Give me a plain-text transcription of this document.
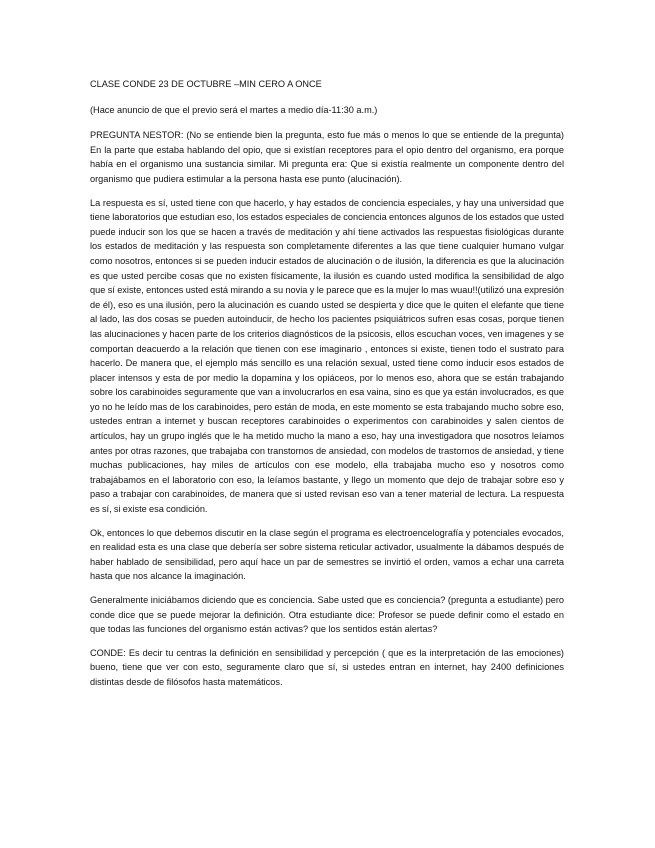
CLASE CONDE 23 DE OCTUBRE –MIN CERO A ONCE

(Hace anuncio de que el previo será el martes a medio día-11:30 a.m.)

PREGUNTA NESTOR: (No se entiende bien la pregunta, esto fue más o menos lo que se entiende de la pregunta) En la parte que estaba hablando del opio, que si existían receptores para el opio dentro del organismo, era porque había en el organismo una sustancia similar. Mi pregunta era: Que si existía realmente un componente dentro del organismo que pudiera estimular a la persona hasta ese punto (alucinación).

La respuesta es sí, usted tiene con que hacerlo, y hay estados de conciencia especiales, y hay una universidad que tiene laboratorios que estudian eso, los estados especiales de conciencia entonces algunos de los estados que usted puede inducir son los que se hacen a través de meditación y ahí tiene activados las respuestas fisiológicas durante los estados de meditación y las respuesta son completamente diferentes a las que tiene cualquier humano vulgar como nosotros, entonces si se pueden inducir estados de alucinación o de ilusión, la diferencia es que la alucinación es que usted percibe cosas que no existen físicamente, la ilusión es cuando usted modifica la sensibilidad de algo que sí existe, entonces usted está mirando a su novia y le parece que es la mujer lo mas wuau!!(utilizó una expresión de él), eso es una ilusión, pero la alucinación es cuando usted se despierta y dice que le quiten el elefante que tiene al lado, las dos cosas se pueden autoinducir, de hecho los pacientes psiquiátricos sufren esas cosas, porque tienen las alucinaciones y hacen parte de los criterios diagnósticos de la psicosis, ellos escuchan voces, ven imagenes y se comportan deacuerdo a la relación que tienen con ese imaginario , entonces si existe, tienen todo el sustrato para hacerlo. De manera que, el ejemplo más sencillo es una relación sexual, usted tiene como inducir esos estados de placer intensos y esta de por medio la dopamina y los opiáceos, por lo menos eso, ahora que se están trabajando sobre los carabinoides seguramente que van a involucrarlos en esa vaina, sino es que ya están involucrados, es que yo no he leído mas de los carabinoides, pero están de moda, en este momento se esta trabajando mucho sobre eso, ustedes entran a internet y buscan receptores carabinoides o experimentos con carabinoides y salen cientos de artículos, hay un grupo inglés que le ha metido mucho la mano a eso, hay una investigadora que nosotros leíamos antes por otras razones, que trabajaba con transtornos de ansiedad, con modelos de trastornos de ansiedad, y tiene muchas publicaciones, hay miles de artículos con ese modelo, ella trabajaba mucho eso y nosotros como trabajábamos en el laboratorio con eso, la leíamos bastante, y llego un momento que dejo de trabajar sobre eso y paso a trabajar con carabinoides, de manera que si usted revisan eso van a tener material de lectura. La respuesta es sí, si existe esa condición.

Ok, entonces lo que debemos discutir en la clase según el programa es electroencelografía y potenciales evocados, en realidad esta es una clase que debería ser sobre sistema reticular activador, usualmente la dábamos después de haber hablado de sensibilidad, pero aquí hace un par de semestres se invirtió el orden, vamos a echar una carreta hasta que nos alcance la imaginación.

Generalmente iniciábamos diciendo que es conciencia. Sabe usted que es conciencia? (pregunta a estudiante) pero conde dice que se puede mejorar la definición. Otra estudiante dice: Profesor se puede definir como el estado en que todas las funciones del organismo están activas? que los sentidos están alertas?

CONDE: Es decir tu centras la definición en sensibilidad y percepción ( que es la interpretación de las emociones) bueno, tiene que ver con esto, seguramente claro que sí, si ustedes entran en internet, hay 2400 definiciones distintas desde de filósofos hasta matemáticos.
